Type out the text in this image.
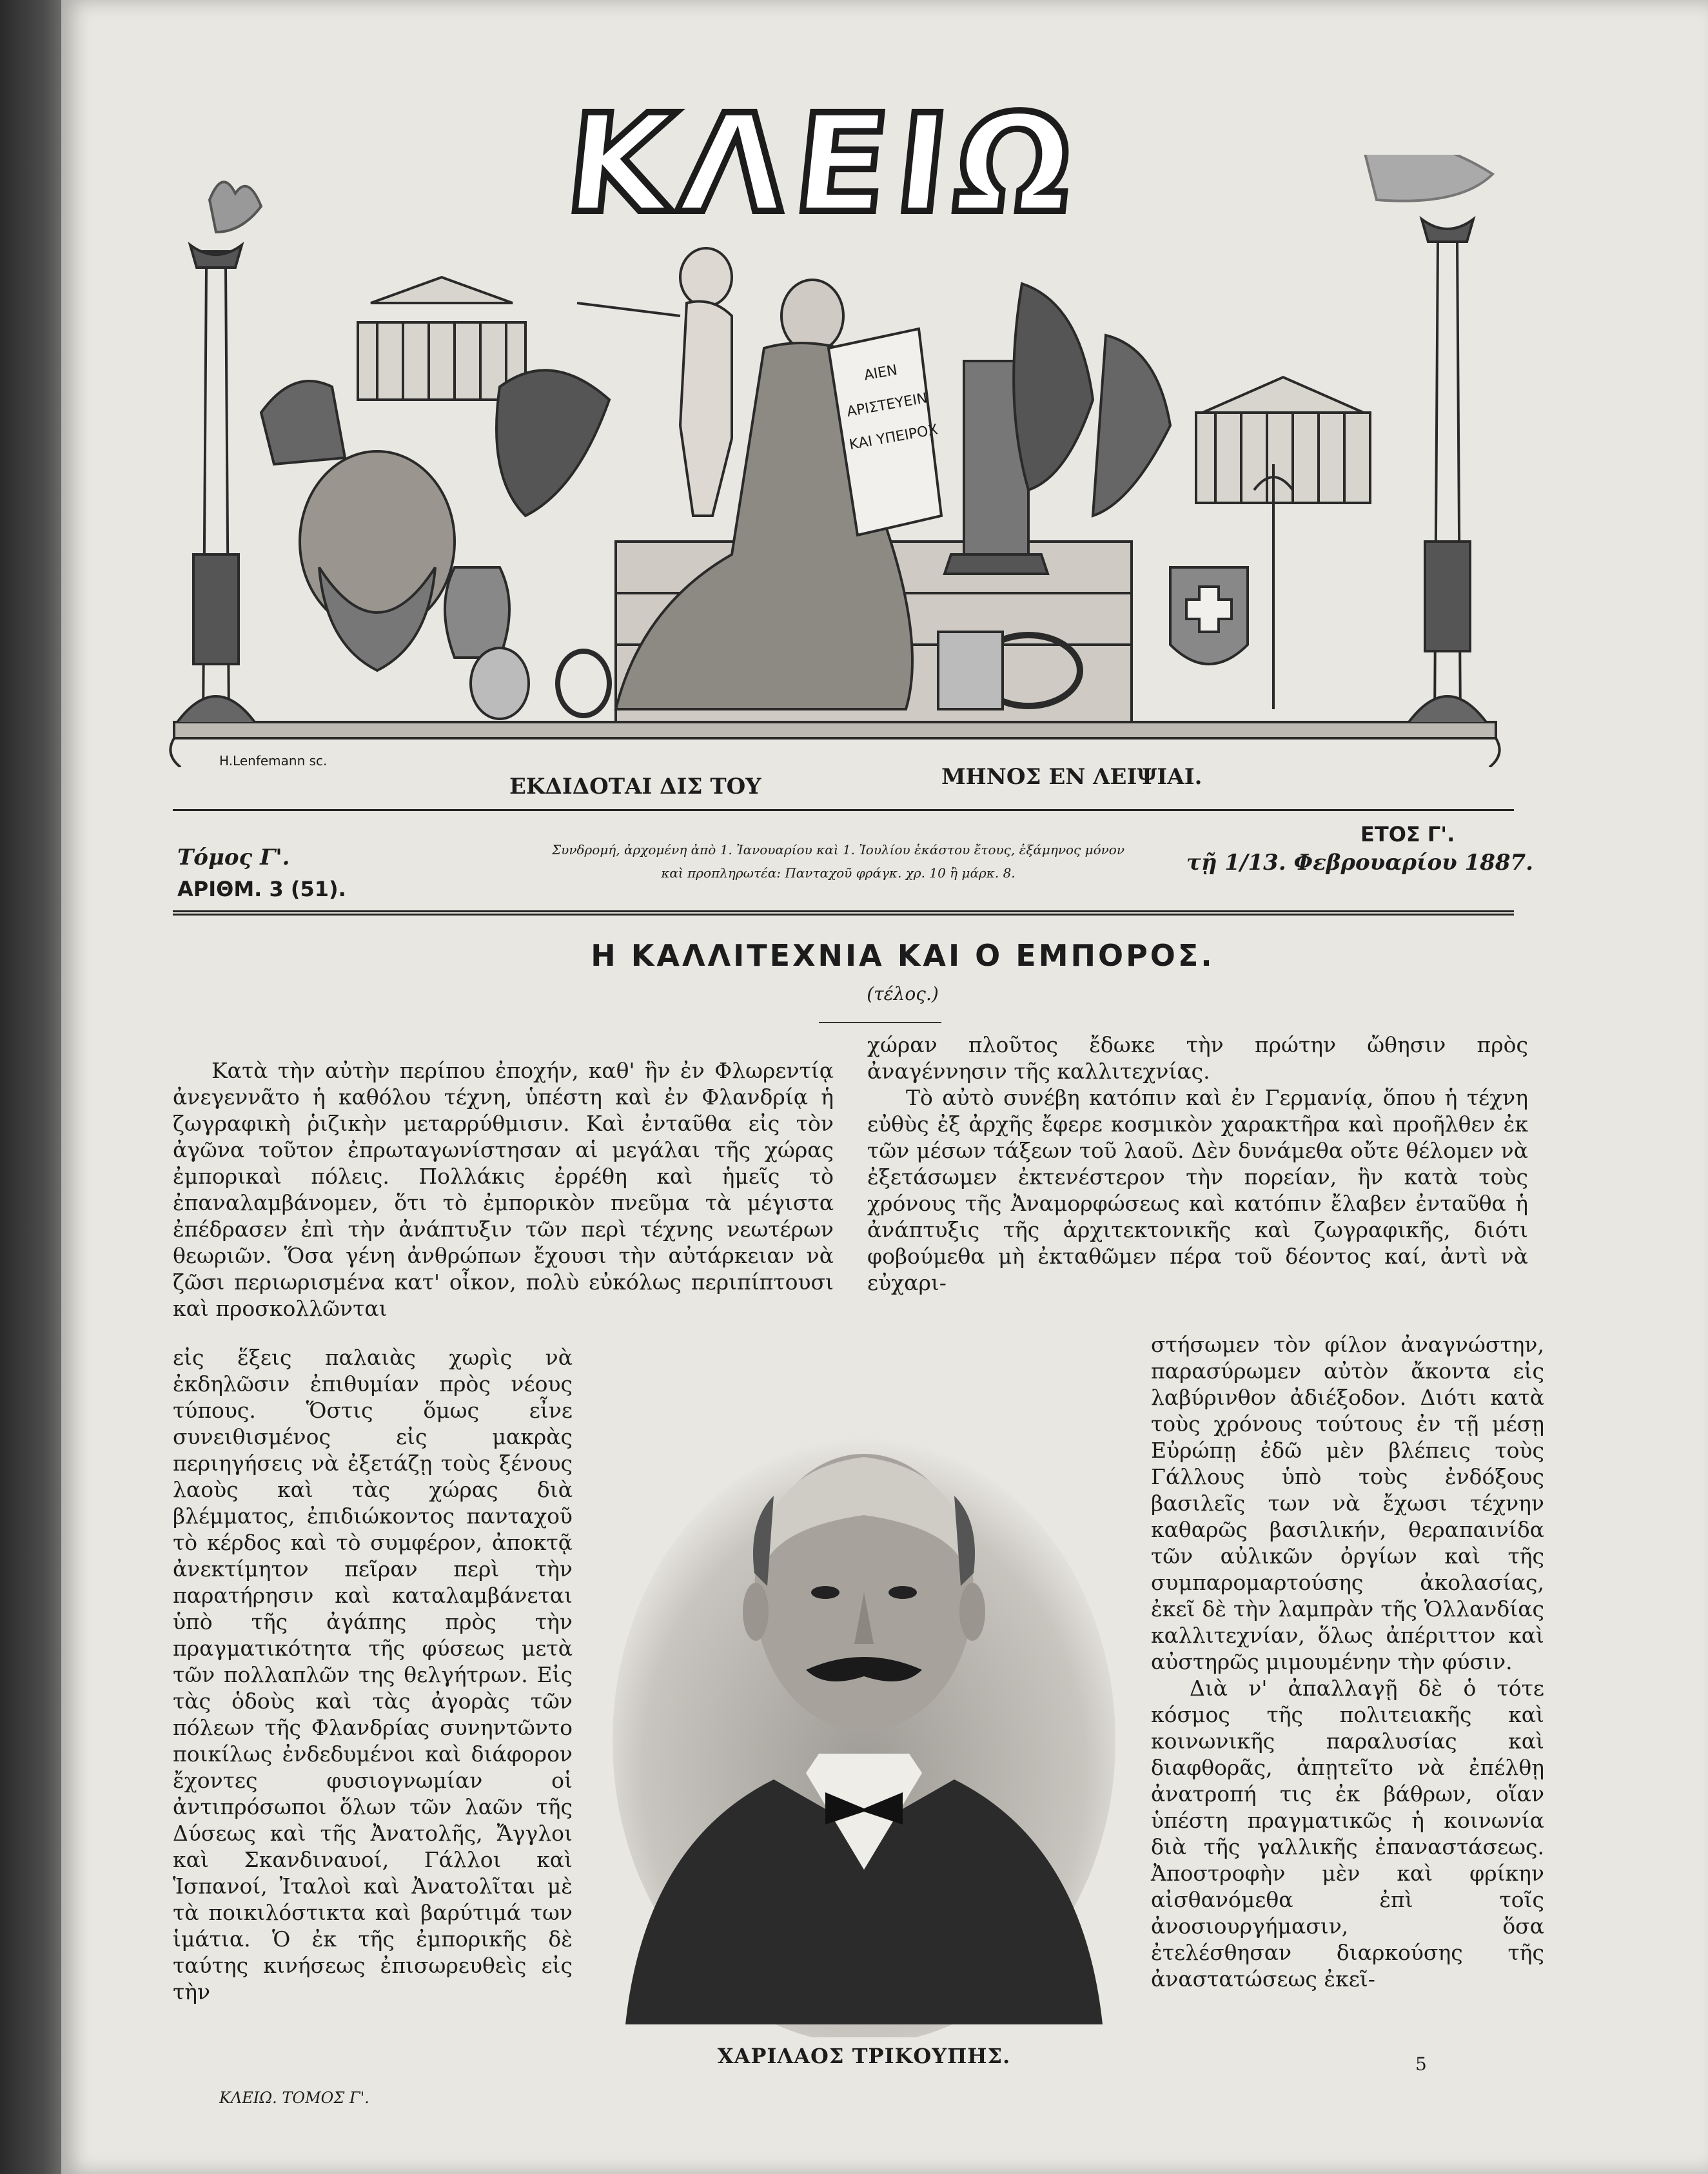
ΚΛΕΙΩ
ΑΙΕΝ
ΑΡΙΣΤΕΥΕΙΝ
ΚΑΙ ΥΠΕΙΡΟΧ
H.Lenfemann sc.
ΕΚΔΙΔΟΤΑΙ ΔΙΣ ΤΟΥ	ΜΗΝΟΣ ΕΝ ΛΕΙΨΙΑΙ.
ΕΤΟΣ Γ'.
Τόμος Γ'.
ΑΡΙΘΜ. 3 (51).
Συνδρομή, ἀρχομένη ἀπὸ 1. Ἰανουαρίου καὶ 1. Ἰουλίου ἑκάστου ἔτους, ἑξάμηνος μόνον
καὶ προπληρωτέα: Πανταχοῦ φράγκ. χρ. 10 ἢ μάρκ. 8.	τῇ 1/13. Φεβρουαρίου 1887.
Η ΚΑΛΛΙΤΕΧΝΙΑ ΚΑΙ Ο ΕΜΠΟΡΟΣ.
(τέλος.)

Κατὰ τὴν αὐτὴν περίπου ἐποχήν, καθ' ἣν ἐν Φλωρεντίᾳ ἀνεγεννᾶτο ἡ καθόλου τέχνη, ὑπέστη καὶ ἐν Φλανδρίᾳ ἡ ζωγραφικὴ ῥιζικὴν μεταρρύθμισιν. Καὶ ἐνταῦθα εἰς τὸν ἀγῶνα τοῦτον ἐπρωταγωνίστησαν αἱ μεγάλαι τῆς χώρας ἐμπορικαὶ πόλεις. Πολλάκις ἐρρέθη καὶ ἡμεῖς τὸ ἐπαναλαμβάνομεν, ὅτι τὸ ἐμπορικὸν πνεῦμα τὰ μέγιστα ἐπέδρασεν ἐπὶ τὴν ἀνάπτυξιν τῶν περὶ τέχνης νεωτέρων θεωριῶν. Ὅσα γένη ἀνθρώπων ἔχουσι τὴν αὐτάρκειαν νὰ ζῶσι περιωρισμένα κατ' οἶκον, πολὺ εὐκόλως περιπίπτουσι καὶ προσκολλῶνται

εἰς ἕξεις παλαιὰς χωρὶς νὰ ἐκδηλῶσιν ἐπιθυμίαν πρὸς νέους τύπους. Ὅστις ὅμως εἶνε συνειθισμένος εἰς μακρὰς περιηγήσεις νὰ ἐξετάζῃ τοὺς ξένους λαοὺς καὶ τὰς χώρας διὰ βλέμματος, ἐπιδιώκοντος πανταχοῦ τὸ κέρδος καὶ τὸ συμφέρον, ἀποκτᾷ ἀνεκτίμητον πεῖραν περὶ τὴν παρατήρησιν καὶ καταλαμβάνεται ὑπὸ τῆς ἀγάπης πρὸς τὴν πραγματικότητα τῆς φύσεως μετὰ τῶν πολλαπλῶν της θελγήτρων. Εἰς τὰς ὁδοὺς καὶ τὰς ἀγορὰς τῶν πόλεων τῆς Φλανδρίας συνηντῶντο ποικίλως ἐνδεδυμένοι καὶ διάφορον ἔχοντες φυσιογνωμίαν οἱ ἀντιπρόσωποι ὅλων τῶν λαῶν τῆς Δύσεως καὶ τῆς Ἀνατολῆς, Ἄγγλοι καὶ Σκανδιναυοί, Γάλλοι καὶ Ἱσπανοί, Ἰταλοὶ καὶ Ἀνατολῖται μὲ τὰ ποικιλόστικτα καὶ βαρύτιμά των ἱμάτια. Ὁ ἐκ τῆς ἐμπορικῆς δὲ ταύτης κινήσεως ἐπισωρευθεὶς εἰς τὴν

χώραν πλοῦτος ἔδωκε τὴν πρώτην ὤθησιν πρὸς ἀναγέννησιν τῆς καλλιτεχνίας.

Τὸ αὐτὸ συνέβη κατόπιν καὶ ἐν Γερμανίᾳ, ὅπου ἡ τέχνη εὐθὺς ἐξ ἀρχῆς ἔφερε κοσμικὸν χαρακτῆρα καὶ προῆλθεν ἐκ τῶν μέσων τάξεων τοῦ λαοῦ. Δὲν δυνάμεθα οὔτε θέλομεν νὰ ἐξετάσωμεν ἐκτενέστερον τὴν πορείαν, ἣν κατὰ τοὺς χρόνους τῆς Ἀναμορφώσεως καὶ κατόπιν ἔλαβεν ἐνταῦθα ἡ ἀνάπτυξις τῆς ἀρχιτεκτονικῆς καὶ ζωγραφικῆς, διότι φοβούμεθα μὴ ἐκταθῶμεν πέρα τοῦ δέοντος καί, ἀντὶ νὰ εὐχαρι-

στήσωμεν τὸν φίλον ἀναγνώστην, παρασύρωμεν αὐτὸν ἄκοντα εἰς λαβύρινθον ἀδιέξοδον. Διότι κατὰ τοὺς χρόνους τούτους ἐν τῇ μέσῃ Εὐρώπῃ ἐδῶ μὲν βλέπεις τοὺς Γάλλους ὑπὸ τοὺς ἐνδόξους βασιλεῖς των νὰ ἔχωσι τέχνην καθαρῶς βασιλικήν, θεραπαινίδα τῶν αὐλικῶν ὀργίων καὶ τῆς συμπαρομαρτούσης ἀκολασίας, ἐκεῖ δὲ τὴν λαμπρὰν τῆς Ὁλλανδίας καλλιτεχνίαν, ὅλως ἀπέριττον καὶ αὐστηρῶς μιμουμένην τὴν φύσιν.

Διὰ ν' ἀπαλλαγῇ δὲ ὁ τότε κόσμος τῆς πολιτειακῆς καὶ κοινωνικῆς παραλυσίας καὶ διαφθορᾶς, ἀπῃτεῖτο νὰ ἐπέλθῃ ἀνατροπή τις ἐκ βάθρων, οἵαν ὑπέστη πραγματικῶς ἡ κοινωνία διὰ τῆς γαλλικῆς ἐπαναστάσεως. Ἀποστροφὴν μὲν καὶ φρίκην αἰσθανόμεθα ἐπὶ τοῖς ἀνοσιουργήμασιν, ὅσα ἐτελέσθησαν διαρκούσης τῆς ἀναστατώσεως ἐκεῖ-

ΧΑΡΙΛΑΟΣ ΤΡΙΚΟΥΠΗΣ.
ΚΛΕΙΩ. ΤΟΜΟΣ Γ'.
5
